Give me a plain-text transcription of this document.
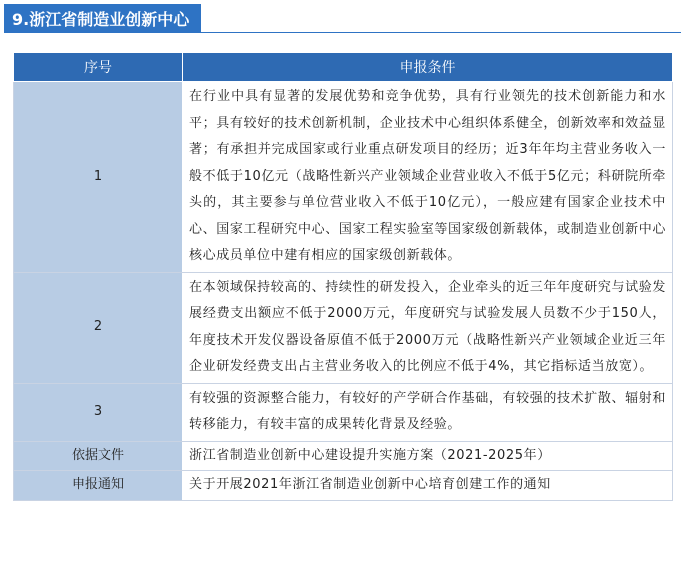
9.浙江省制造业创新中心
序号	申报条件
1	在行业中具有显著的发展优势和竞争优势，具有行业领先的技术创新能力和水平；具有较好的技术创新机制，企业技术中心组织体系健全，创新效率和效益显著；有承担并完成国家或行业重点研发项目的经历；近3年年均主营业务收入一般不低于10亿元（战略性新兴产业领域企业营业收入不低于5亿元；科研院所牵头的，其主要参与单位营业收入不低于10亿元），一般应建有国家企业技术中心、国家工程研究中心、国家工程实验室等国家级创新载体，或制造业创新中心核心成员单位中建有相应的国家级创新载体。
2	在本领域保持较高的、持续性的研发投入，企业牵头的近三年年度研究与试验发展经费支出额应不低于2000万元，年度研究与试验发展人员数不少于150人，年度技术开发仪器设备原值不低于2000万元（战略性新兴产业领域企业近三年企业研发经费支出占主营业务收入的比例应不低于4%，其它指标适当放宽）。
3	有较强的资源整合能力，有较好的产学研合作基础，有较强的技术扩散、辐射和转移能力，有较丰富的成果转化背景及经验。
依据文件	浙江省制造业创新中心建设提升实施方案（2021-2025年）
申报通知	关于开展2021年浙江省制造业创新中心培育创建工作的通知
